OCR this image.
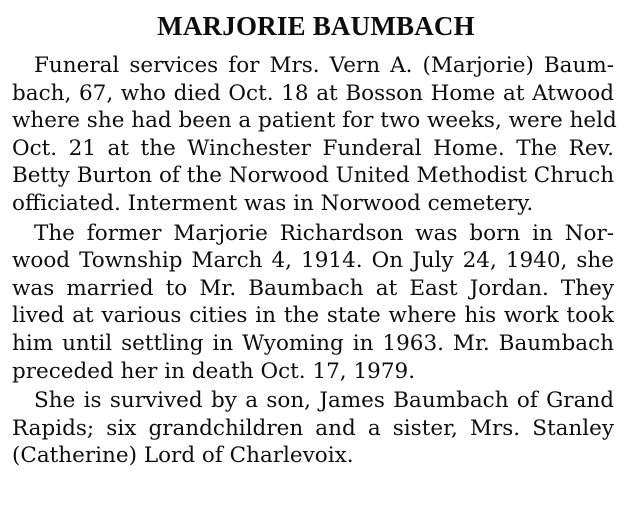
MARJORIE BAUMBACH
Funeral services for Mrs. Vern A. (Marjorie) Baum-
bach, 67, who died Oct. 18 at Bosson Home at Atwood
where she had been a patient for two weeks, were held
Oct. 21 at the Winchester Funderal Home. The Rev.
Betty Burton of the Norwood United Methodist Chruch
officiated. Interment was in Norwood cemetery.
The former Marjorie Richardson was born in Nor-
wood Township March 4, 1914. On July 24, 1940, she
was married to Mr. Baumbach at East Jordan. They
lived at various cities in the state where his work took
him until settling in Wyoming in 1963. Mr. Baumbach
preceded her in death Oct. 17, 1979.
She is survived by a son, James Baumbach of Grand
Rapids; six grandchildren and a sister, Mrs. Stanley
(Catherine) Lord of Charlevoix.
